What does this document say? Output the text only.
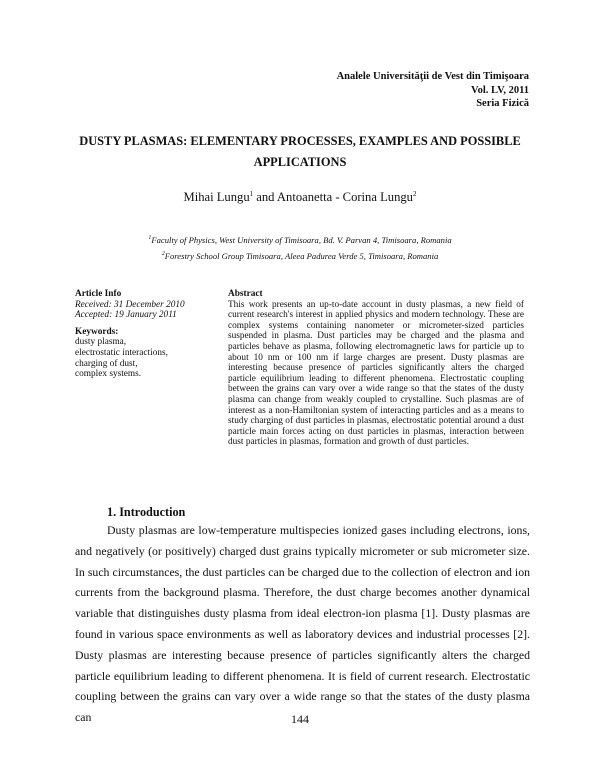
Analele Universităţii de Vest din Timişoara
Vol. LV, 2011
Seria Fizică
DUSTY PLASMAS: ELEMENTARY PROCESSES, EXAMPLES AND POSSIBLE APPLICATIONS
Mihai Lungu$^1$ and Antoanetta - Corina Lungu$^2$
$^1$Faculty of Physics, West University of Timisoara, Bd. V. Parvan 4, Timisoara, Romania
$^2$Forestry School Group Timisoara, Aleea Padurea Verde 5, Timisoara, Romania
Article Info
Received: 31 December 2010
Accepted: 19 January 2011
Keywords:
dusty plasma,
electrostatic interactions,
charging of dust,
complex systems.
Abstract
This work presents an up-to-date account in dusty plasmas, a new field of current research's interest in applied physics and modern technology. These are complex systems containing nanometer or micrometer-sized particles suspended in plasma. Dust particles may be charged and the plasma and particles behave as plasma, following electromagnetic laws for particle up to about 10 nm or 100 nm if large charges are present. Dusty plasmas are interesting because presence of particles significantly alters the charged particle equilibrium leading to different phenomena. Electrostatic coupling between the grains can vary over a wide range so that the states of the dusty plasma can change from weakly coupled to crystalline. Such plasmas are of interest as a non-Hamiltonian system of interacting particles and as a means to study charging of dust particles in plasmas, electrostatic potential around a dust particle main forces acting on dust particles in plasmas, interaction between dust particles in plasmas, formation and growth of dust particles.
1. Introduction

Dusty plasmas are low-temperature multispecies ionized gases including electrons, ions, and negatively (or positively) charged dust grains typically micrometer or sub micrometer size. In such circumstances, the dust particles can be charged due to the collection of electron and ion currents from the background plasma. Therefore, the dust charge becomes another dynamical variable that distinguishes dusty plasma from ideal electron-ion plasma [1]. Dusty plasmas are found in various space environments as well as laboratory devices and industrial processes [2]. Dusty plasmas are interesting because presence of particles significantly alters the charged particle equilibrium leading to different phenomena. It is field of current research. Electrostatic coupling between the grains can vary over a wide range so that the states of the dusty plasma can	144
